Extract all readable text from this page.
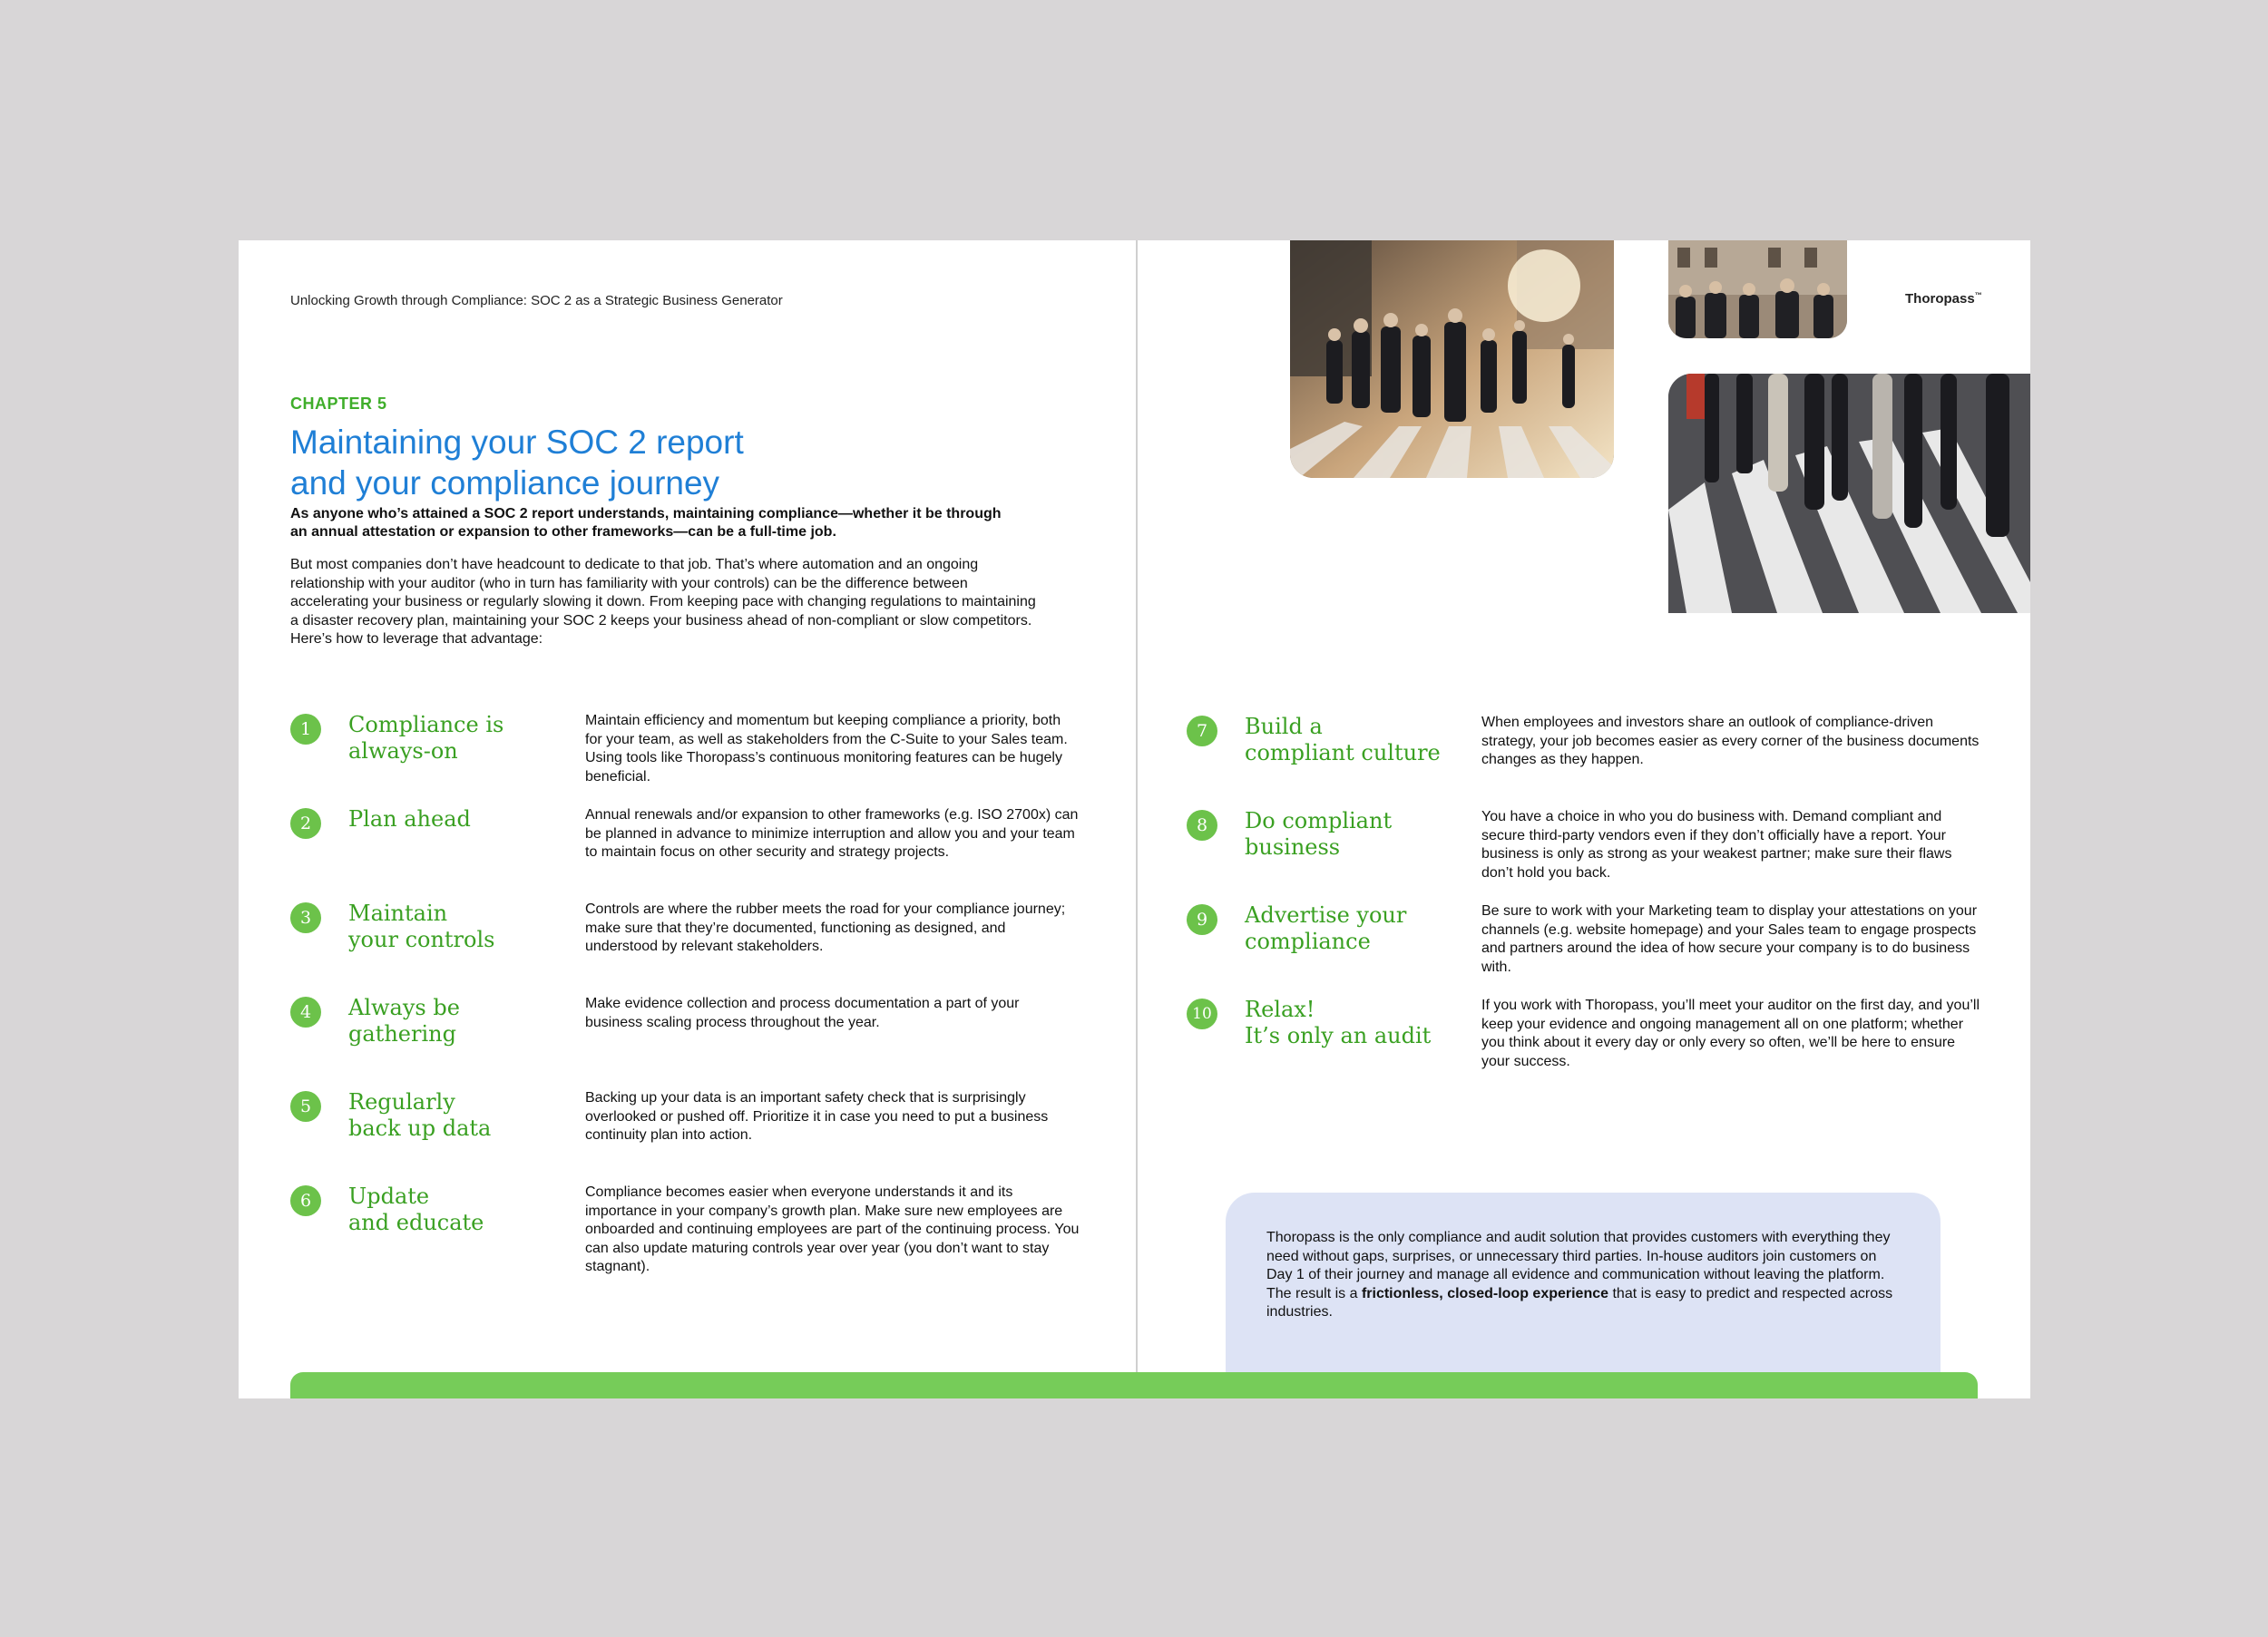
Unlocking Growth through Compliance: SOC 2 as a Strategic Business Generator
CHAPTER 5
Maintaining your SOC 2 report
and your compliance journey
As anyone who’s attained a SOC 2 report understands, maintaining compliance—whether it be through an annual attestation or expansion to other frameworks—can be a full-time job.
But most companies don’t have headcount to dedicate to that job. That’s where automation and an ongoing relationship with your auditor (who in turn has familiarity with your controls) can be the difference between accelerating your business or regularly slowing it down. From keeping pace with changing regulations to maintaining a disaster recovery plan, maintaining your SOC 2 keeps your business ahead of non-compliant or slow competitors. Here’s how to leverage that advantage:
1	Compliance is
always-on
Maintain efficiency and momentum but keeping compliance a priority, both for your team, as well as stakeholders from the C-Suite to your Sales team. Using tools like Thoropass’s continuous monitoring features can be hugely beneficial.
2	Plan ahead	Annual renewals and/or expansion to other frameworks (e.g. ISO 2700x) can be planned in advance to minimize interruption and allow you and your team to maintain focus on other security and strategy projects.
3	Maintain
your controls
Controls are where the rubber meets the road for your compliance journey; make sure that they’re documented, functioning as designed, and understood by relevant stakeholders.
4	Always be
gathering
Make evidence collection and process documentation a part of your business scaling process throughout the year.
5	Regularly
back up data
Backing up your data is an important safety check that is surprisingly overlooked or pushed off. Prioritize it in case you need to put a business continuity plan into action.
6	Update
and educate
Compliance becomes easier when everyone understands it and its importance in your company’s growth plan. Make sure new employees are onboarded and continuing employees are part of the continuing process. You can also update maturing controls year over year (you don’t want to stay stagnant).
Thoropass™
7	Build a
compliant culture
When employees and investors share an outlook of compliance-driven strategy, your job becomes easier as every corner of the business documents changes as they happen.
8	Do compliant
business
You have a choice in who you do business with. Demand compliant and secure third-party vendors even if they don’t officially have a report. Your business is only as strong as your weakest partner; make sure their flaws don’t hold you back.
9	Advertise your
compliance
Be sure to work with your Marketing team to display your attestations on your channels (e.g. website homepage) and your Sales team to engage prospects and partners around the idea of how secure your company is to do business with.
10 Relax!
It’s only an audit
If you work with Thoropass, you’ll meet your auditor on the first day, and you’ll keep your evidence and ongoing management all on one platform; whether you think about it every day or only every so often, we’ll be here to ensure your success.

Thoropass is the only compliance and audit solution that provides customers with everything they need without gaps, surprises, or unnecessary third parties. In-house auditors join customers on Day 1 of their journey and manage all evidence and communication without leaving the platform. The result is a frictionless, closed-loop experience that is easy to predict and respected across industries.
